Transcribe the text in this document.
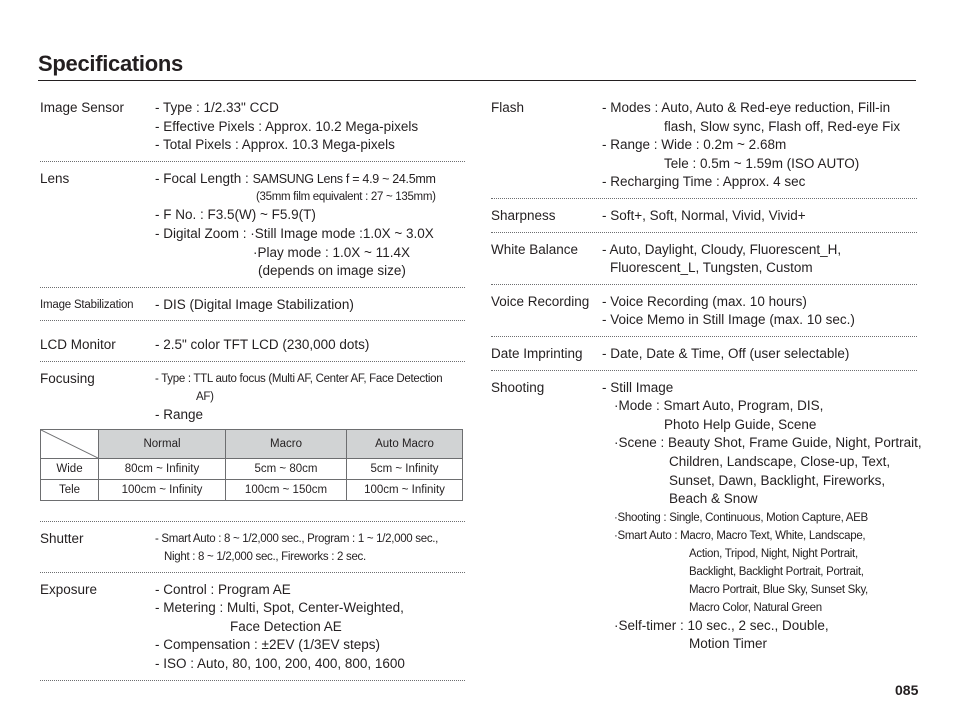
Specifications
Image Sensor - Type : 1/2.33" CCD
- Effective Pixels : Approx. 10.2 Mega-pixels
- Total Pixels : Approx. 10.3 Mega-pixels
Lens	- Focal Length : SAMSUNG Lens f = 4.9 ~ 24.5mm
(35mm film equivalent : 27 ~ 135mm)
- F No. : F3.5(W) ~ F5.9(T)
- Digital Zoom : ·Still Image mode :1.0X ~ 3.0X
·Play mode : 1.0X ~ 11.4X
(depends on image size)
Image Stabilization - DIS (Digital Image Stabilization)
LCD Monitor	- 2.5" color TFT LCD (230,000 dots)
Focusing	- Type : TTL auto focus (Multi AF, Center AF, Face Detection
AF)
- Range
	Normal	Macro	Auto Macro
Wide	80cm ~ Infinity	5cm ~ 80cm	5cm ~ Infinity
Tele	100cm ~ Infinity	100cm ~ 150cm	100cm ~ Infinity
Shutter	- Smart Auto : 8 ~ 1/2,000 sec., Program : 1 ~ 1/2,000 sec.,
Night : 8 ~ 1/2,000 sec., Fireworks : 2 sec.
Exposure	- Control : Program AE
- Metering : Multi, Spot, Center-Weighted,
Face Detection AE
- Compensation : ±2EV (1/3EV steps)
- ISO : Auto, 80, 100, 200, 400, 800, 1600
Flash	- Modes : Auto, Auto & Red-eye reduction, Fill-in
flash, Slow sync, Flash off, Red-eye Fix
- Range : Wide : 0.2m ~ 2.68m
Tele : 0.5m ~ 1.59m (ISO AUTO)
- Recharging Time : Approx. 4 sec
Sharpness	- Soft+, Soft, Normal, Vivid, Vivid+
White Balance - Auto, Daylight, Cloudy, Fluorescent_H,
Fluorescent_L, Tungsten, Custom
Voice Recording - Voice Recording (max. 10 hours)
- Voice Memo in Still Image (max. 10 sec.)
Date Imprinting - Date, Date & Time, Off (user selectable)
Shooting	- Still Image
·Mode : Smart Auto, Program, DIS,
Photo Help Guide, Scene
·Scene : Beauty Shot, Frame Guide, Night, Portrait,
Children, Landscape, Close-up, Text,
Sunset, Dawn, Backlight, Fireworks,
Beach & Snow
·Shooting : Single, Continuous, Motion Capture, AEB
·Smart Auto : Macro, Macro Text, White, Landscape,
Action, Tripod, Night, Night Portrait,
Backlight, Backlight Portrait, Portrait,
Macro Portrait, Blue Sky, Sunset Sky,
Macro Color, Natural Green
·Self-timer : 10 sec., 2 sec., Double,
Motion Timer
085
